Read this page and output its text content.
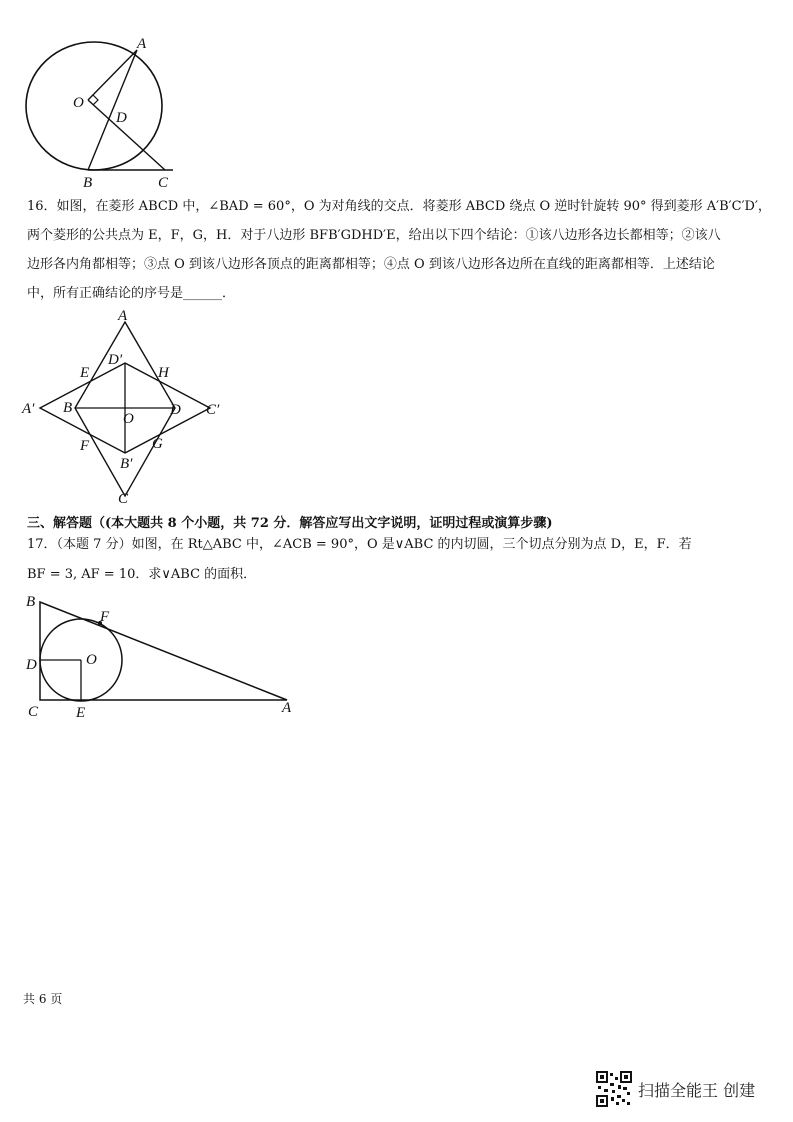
A
O
D
B	C
16．如图，在菱形 ABCD 中，∠BAD = 60°，O 为对角线的交点．将菱形 ABCD 绕点 O 逆时针旋转 90° 得到菱形 A′B′C′D′，
两个菱形的公共点为 E，F，G，H．对于八边形 BFB′GDHD′E，给出以下四个结论：①该八边形各边长都相等；②该八
边形各内角都相等；③点 O 到该八边形各顶点的距离都相等；④点 O 到该八边形各边所在直线的距离都相等．上述结论
中，所有正确结论的序号是______．
A
D′
E	H
A′ B
O
D C′
F	G
B′
C
三、解答题（(本大题共 8 个小题，共 72 分．解答应写出文字说明，证明过程或演算步骤)
17．（本题 7 分）如图，在 Rt△ABC 中，∠ACB = 90°，O 是∨ABC 的内切圆，三个切点分别为点 D，E，F．若
BF = 3, AF = 10．求∨ABC 的面积．
B
F
D	O
C	E	A
共 6 页
扫描全能王 创建
